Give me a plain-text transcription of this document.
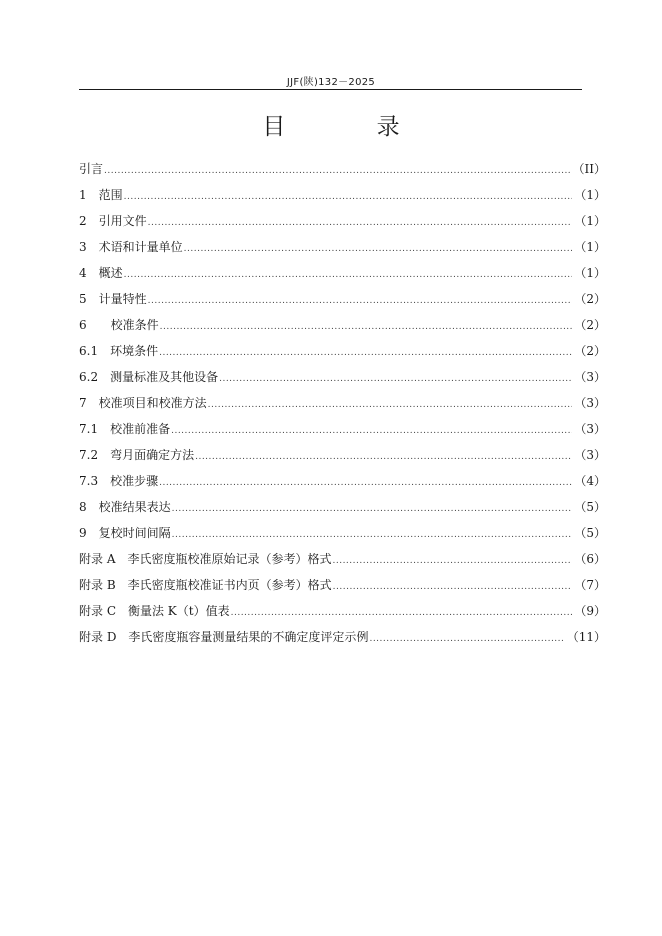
JJF(陕)132－2025
目 录
引言 .....	（II）
1　范围 .....	（1）
2　引用文件 .....	（1）
3　术语和计量单位 .....	（1）
4　概述 .....	（1）
5　计量特性 .....	（2）
6　　校准条件 .....	（2）
6.1　环境条件 .....	（2）
6.2　测量标准及其他设备 .....	（3）
7　校准项目和校准方法 .....	（3）
7.1　校准前准备 .....	（3）
7.2　弯月面确定方法 .....	（3）
7.3　校准步骤 .....	（4）
8　校准结果表达 .....	（5）
9　复校时间间隔 .....	（5）
附录 A　李氏密度瓶校准原始记录（参考）格式 .....	（6）
附录 B　李氏密度瓶校准证书内页（参考）格式 .....	（7）
附录 C　衡量法 K（t）值表 .....	（9）
附录 D　李氏密度瓶容量测量结果的不确定度评定示例 .....	（11）
